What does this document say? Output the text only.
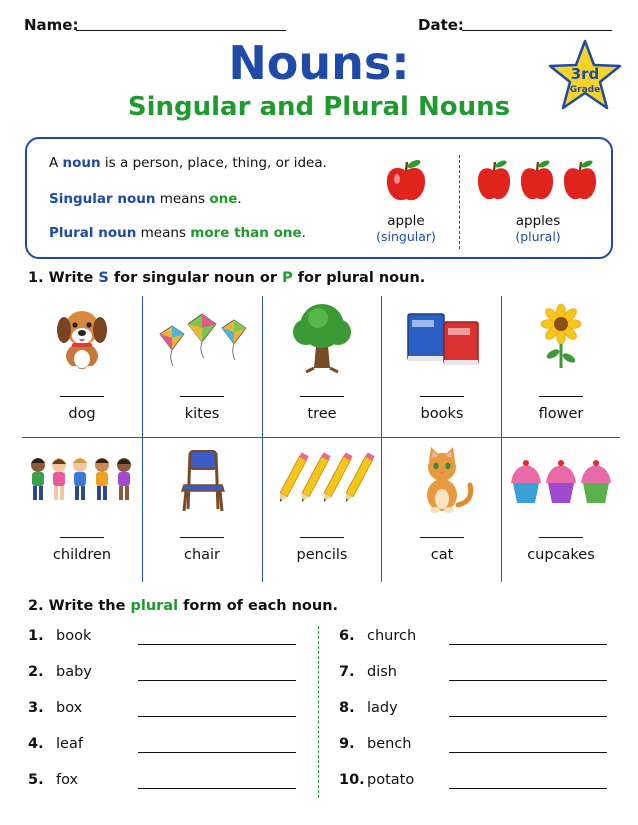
Name:	Date:
Nouns:
Singular and Plural Nouns
3rd
Grade
A noun is a person, place, thing, or idea.
Singular noun means one.
Plural noun means more than one.
apple
(singular)
apples
(plural)
1. Write S for singular noun or P for plural noun.
dog	kites	tree	books	flower
children	chair	pencils	cat	cupcakes
2. Write the plural form of each noun.
1. book
2. baby
3. box
4. leaf
5. fox
6. church
7. dish
8. lady
9. bench
10. potato
